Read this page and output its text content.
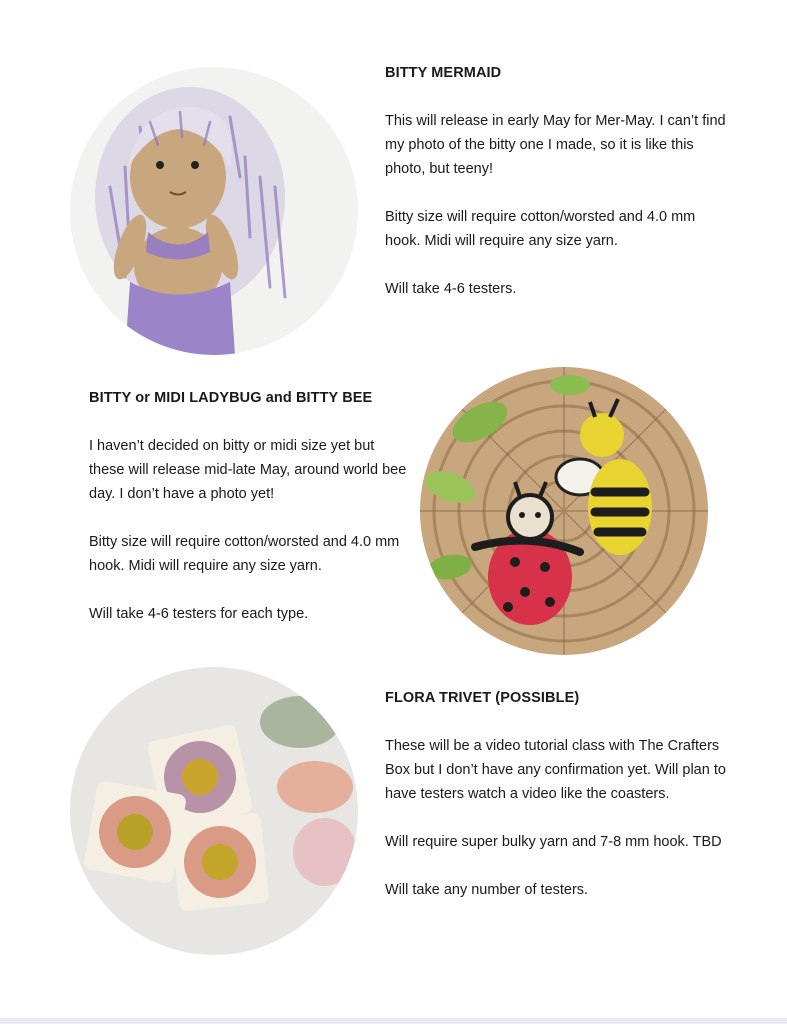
BITTY MERMAID

This will release in early May for Mer-May. I can’t find my photo of the bitty one I made, so it is like this photo, but teeny!

Bitty size will require cotton/worsted and 4.0 mm hook. Midi will require any size yarn.

Will take 4-6 testers.

BITTY or MIDI LADYBUG and BITTY BEE

I haven’t decided on bitty or midi size yet but these will release mid-late May, around world bee day. I don’t have a photo yet!

Bitty size will require cotton/worsted and 4.0 mm hook. Midi will require any size yarn.

Will take 4-6 testers for each type.

FLORA TRIVET (POSSIBLE)

These will be a video tutorial class with The Crafters Box but I don’t have any confirmation yet. Will plan to have testers watch a video like the coasters.

Will require super bulky yarn and 7-8 mm hook. TBD

Will take any number of testers.
